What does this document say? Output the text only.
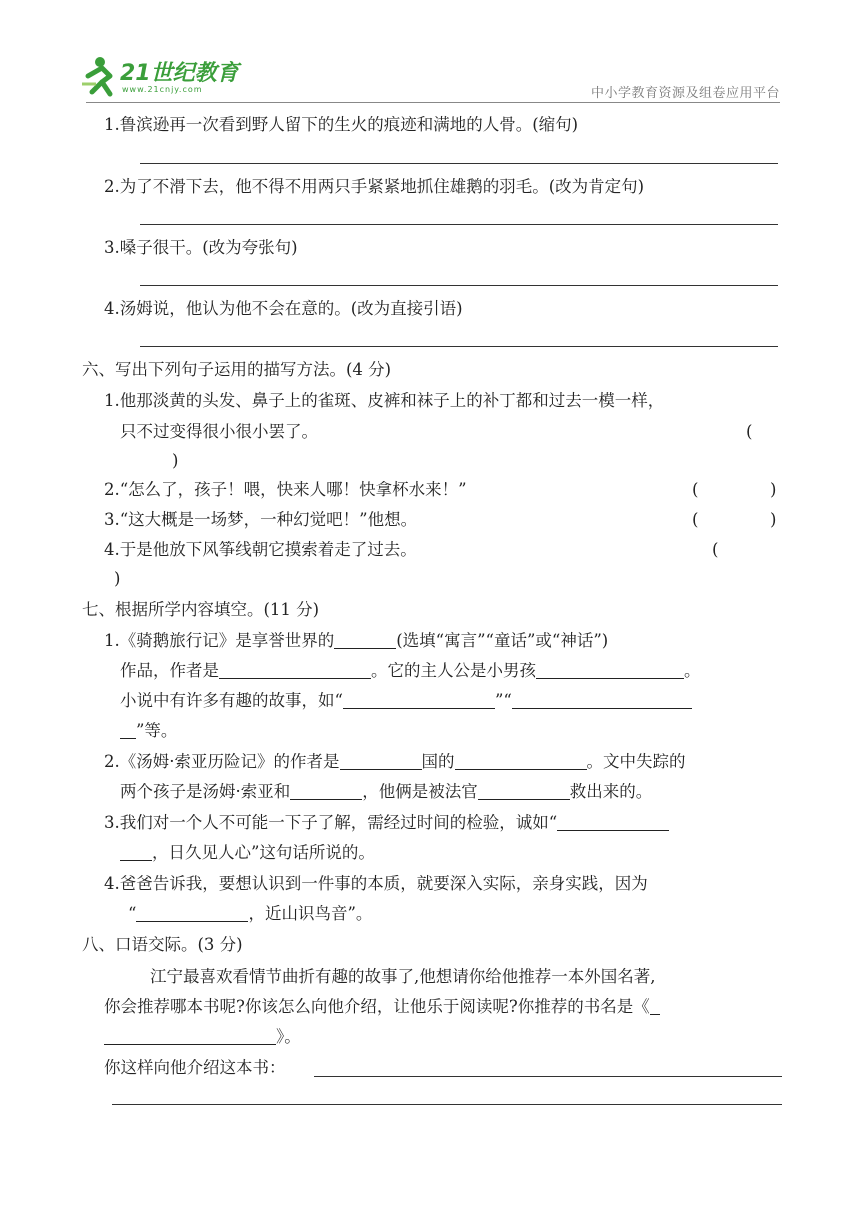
21世纪教育
www.21cnjy.com	中小学教育资源及组卷应用平台
1.鲁滨逊再一次看到野人留下的生火的痕迹和满地的人骨。(缩句)
2.为了不滑下去，他不得不用两只手紧紧地抓住雄鹅的羽毛。(改为肯定句)
3.嗓子很干。(改为夸张句)
4.汤姆说，他认为他不会在意的。(改为直接引语)
六、写出下列句子运用的描写方法。(4 分)
1.他那淡黄的头发、鼻子上的雀斑、皮裤和袜子上的补丁都和过去一模一样，
只不过变得很小很小罢了。	(
)
2.“怎么了，孩子！喂，快来人哪！快拿杯水来！”	(	)
3.“这大概是一场梦，一种幻觉吧！”他想。	(	)
4.于是他放下风筝线朝它摸索着走了过去。	(
)
七、根据所学内容填空。(11 分)
1.《骑鹅旅行记》是享誉世界的	(选填“寓言”“童话”或“神话”)
作品，作者是	。它的主人公是小男孩	。
小说中有许多有趣的故事，如“	”“
”等。
2.《汤姆·索亚历险记》的作者是	国的	。文中失踪的
两个孩子是汤姆·索亚和	，他俩是被法官	救出来的。
3.我们对一个人不可能一下子了解，需经过时间的检验，诚如“
，日久见人心”这句话所说的。
4.爸爸告诉我，要想认识到一件事的本质，就要深入实际，亲身实践，因为
“	，近山识鸟音”。
八、口语交际。(3 分)
江宁最喜欢看情节曲折有趣的故事了,他想请你给他推荐一本外国名著,
你会推荐哪本书呢?你该怎么向他介绍，让他乐于阅读呢?你推荐的书名是《
》。
你这样向他介绍这本书：
